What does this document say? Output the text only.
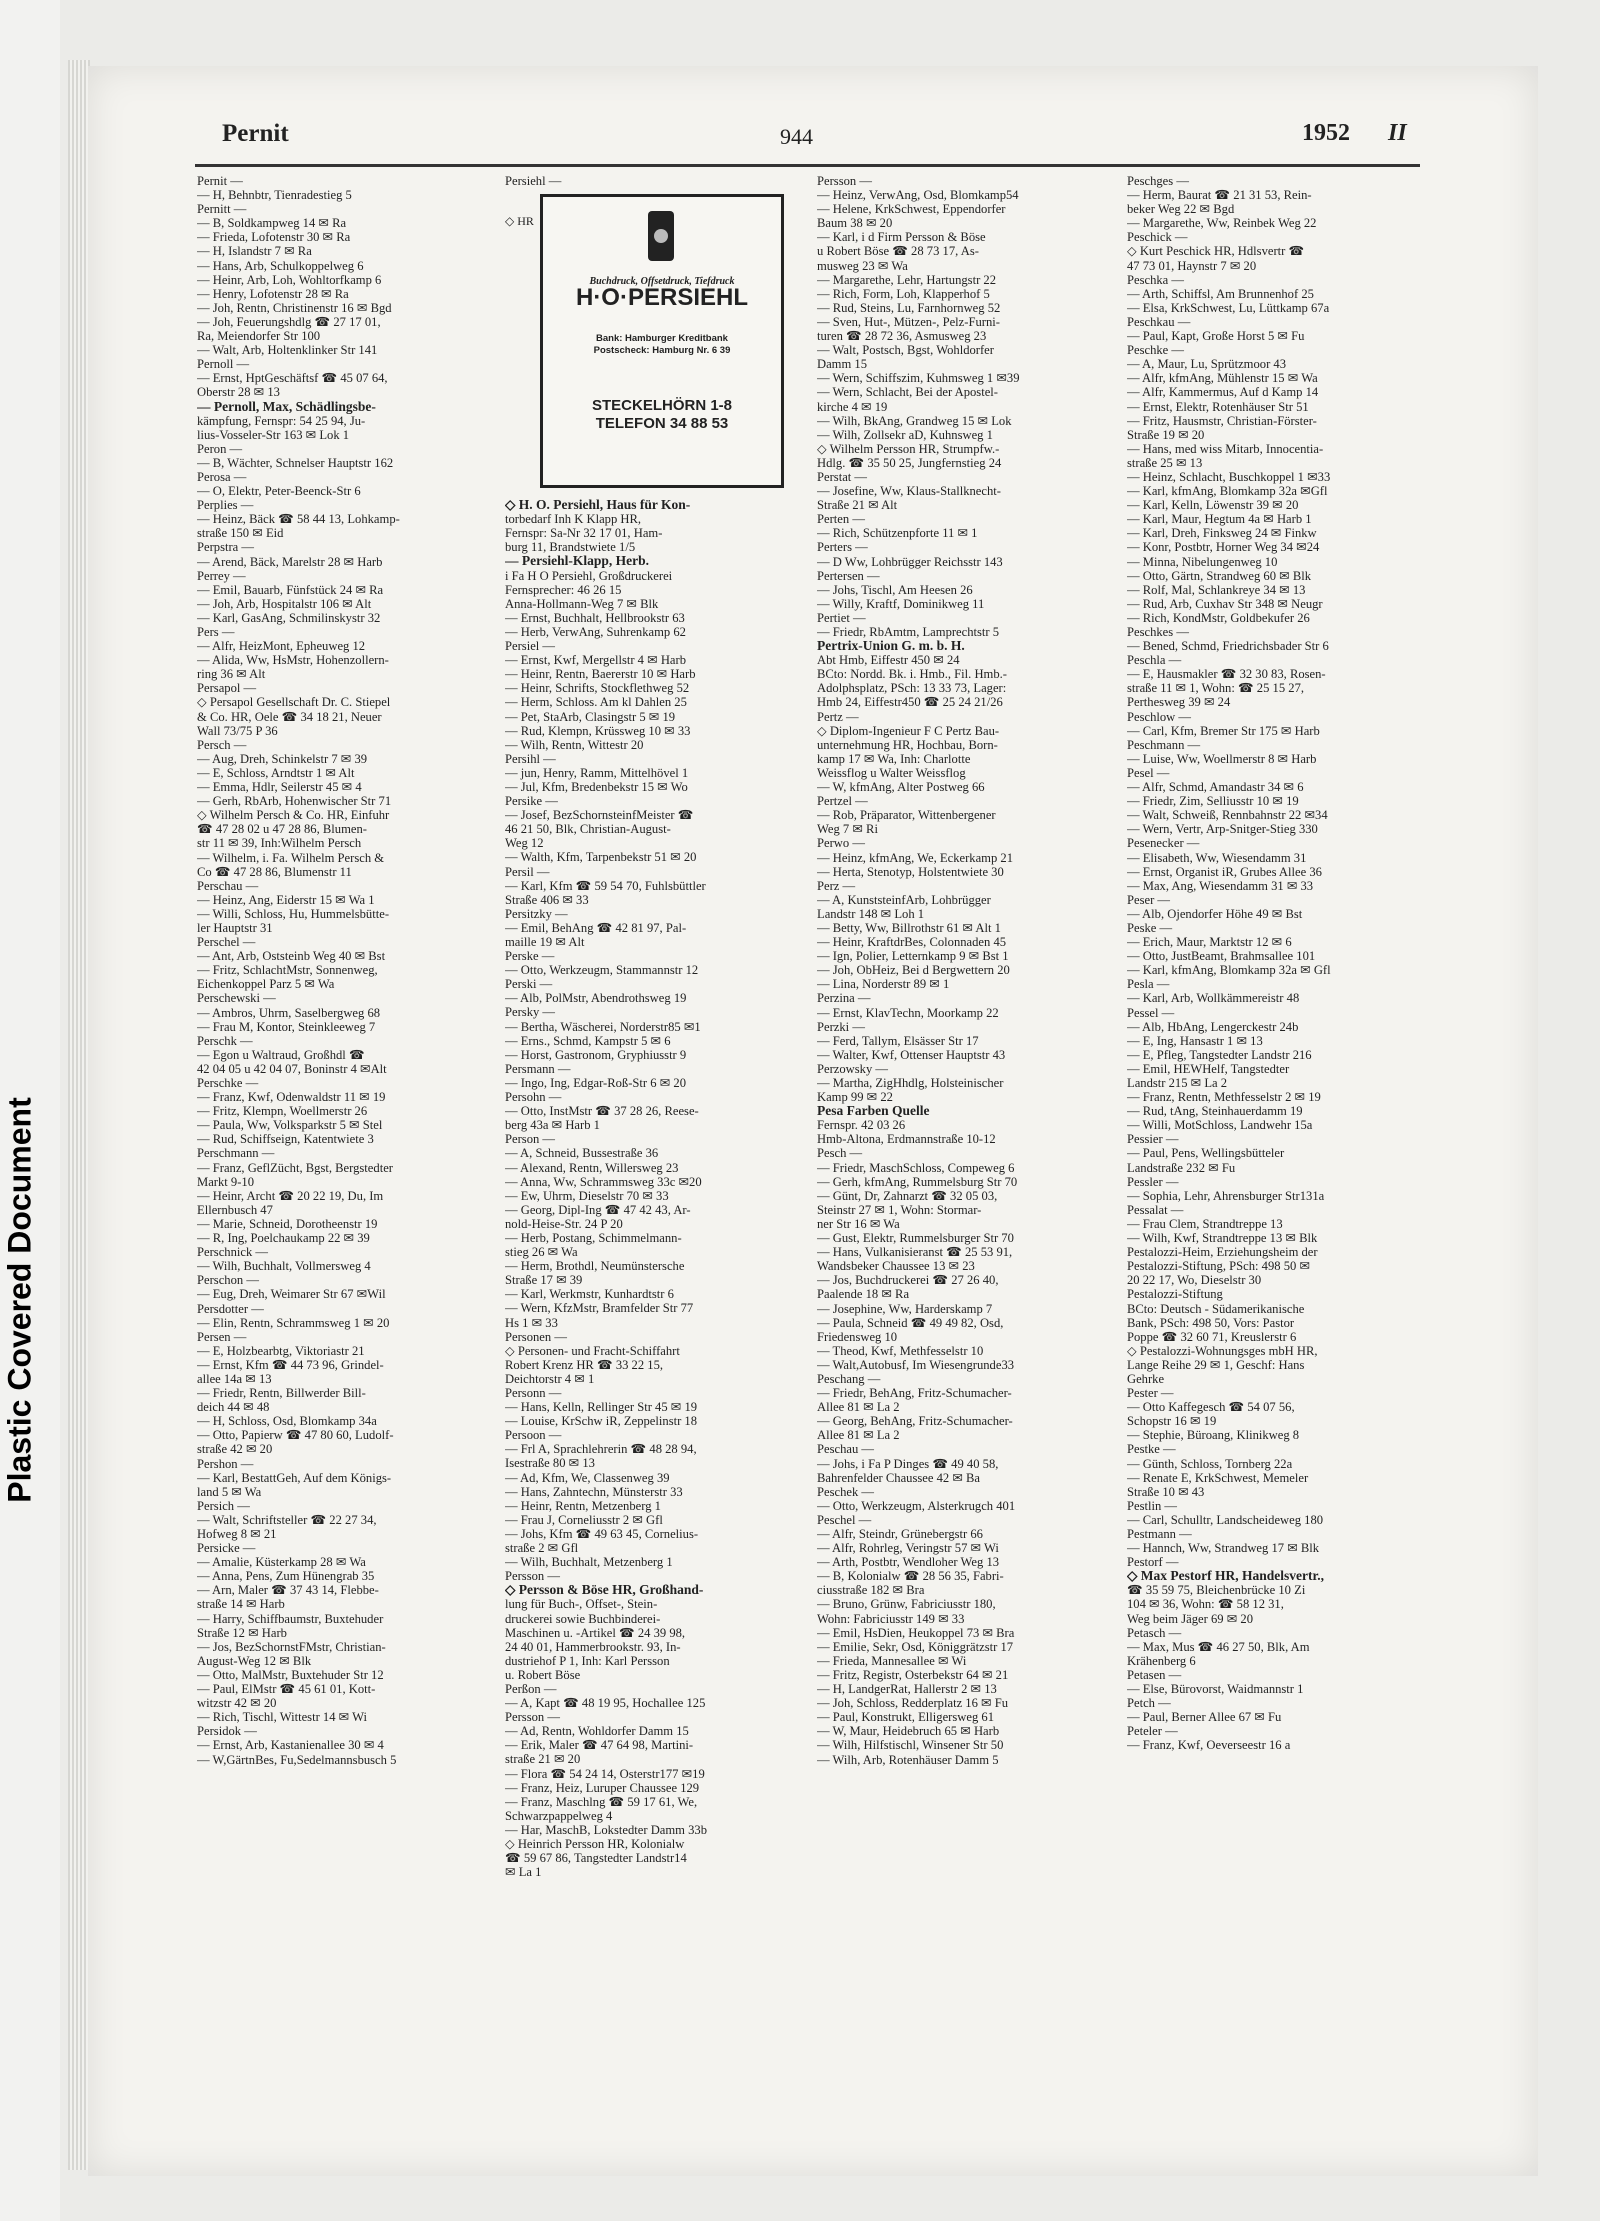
Plastic Covered Document
Pernit	944	1952 II
Pernit —
— H, Behnbtr, Tienradestieg 5
Pernitt —
— B, Soldkampweg 14 ✉ Ra
— Frieda, Lofotenstr 30 ✉ Ra
— H, Islandstr 7 ✉ Ra
— Hans, Arb, Schulkoppelweg 6
— Heinr, Arb, Loh, Wohltorfkamp 6
— Henry, Lofotenstr 28 ✉ Ra
— Joh, Rentn, Christinenstr 16 ✉ Bgd
— Joh, Feuerungshdlg ☎ 27 17 01,
Ra, Meiendorfer Str 100
— Walt, Arb, Holtenklinker Str 141
Pernoll —
— Ernst, HptGeschäftsf ☎ 45 07 64,
Oberstr 28 ✉ 13
— Pernoll, Max, Schädlingsbe-
kämpfung, Fernspr: 54 25 94, Ju-
lius-Vosseler-Str 163 ✉ Lok 1
Peron —
— B, Wächter, Schnelser Hauptstr 162
Perosa —
— O, Elektr, Peter-Beenck-Str 6
Perplies —
— Heinz, Bäck ☎ 58 44 13, Lohkamp-
straße 150 ✉ Eid
Perpstra —
— Arend, Bäck, Marelstr 28 ✉ Harb
Perrey —
— Emil, Bauarb, Fünfstück 24 ✉ Ra
— Joh, Arb, Hospitalstr 106 ✉ Alt
— Karl, GasAng, Schmilinskystr 32
Pers —
— Alfr, HeizMont, Epheuweg 12
— Alida, Ww, HsMstr, Hohenzollern-
ring 36 ✉ Alt
Persapol —
◇ Persapol Gesellschaft Dr. C. Stiepel
& Co. HR, Oele ☎ 34 18 21, Neuer
Wall 73/75 P 36
Persch —
— Aug, Dreh, Schinkelstr 7 ✉ 39
— E, Schloss, Arndtstr 1 ✉ Alt
— Emma, Hdlr, Seilerstr 45 ✉ 4
— Gerh, RbArb, Hohenwischer Str 71
◇ Wilhelm Persch & Co. HR, Einfuhr
☎ 47 28 02 u 47 28 86, Blumen-
str 11 ✉ 39, Inh:Wilhelm Persch
— Wilhelm, i. Fa. Wilhelm Persch &
Co ☎ 47 28 86, Blumenstr 11
Perschau —
— Heinz, Ang, Eiderstr 15 ✉ Wa 1
— Willi, Schloss, Hu, Hummelsbütte-
ler Hauptstr 31
Perschel —
— Ant, Arb, Oststeinb Weg 40 ✉ Bst
— Fritz, SchlachtMstr, Sonnenweg,
Eichenkoppel Parz 5 ✉ Wa
Perschewski —
— Ambros, Uhrm, Saselbergweg 68
— Frau M, Kontor, Steinkleeweg 7
Perschk —
— Egon u Waltraud, Großhdl ☎
42 04 05 u 42 04 07, Boninstr 4 ✉Alt
Perschke —
— Franz, Kwf, Odenwaldstr 11 ✉ 19
— Fritz, Klempn, Woellmerstr 26
— Paula, Ww, Volksparkstr 5 ✉ Stel
— Rud, Schiffseign, Katentwiete 3
Perschmann —
— Franz, GeflZücht, Bgst, Bergstedter
Markt 9-10
— Heinr, Archt ☎ 20 22 19, Du, Im
Ellernbusch 47
— Marie, Schneid, Dorotheenstr 19
— R, Ing, Poelchaukamp 22 ✉ 39
Perschnick —
— Wilh, Buchhalt, Vollmersweg 4
Perschon —
— Eug, Dreh, Weimarer Str 67 ✉Wil
Persdotter —
— Elin, Rentn, Schrammsweg 1 ✉ 20
Persen —
— E, Holzbearbtg, Viktoriastr 21
— Ernst, Kfm ☎ 44 73 96, Grindel-
allee 14a ✉ 13
— Friedr, Rentn, Billwerder Bill-
deich 44 ✉ 48
— H, Schloss, Osd, Blomkamp 34a
— Otto, Papierw ☎ 47 80 60, Ludolf-
straße 42 ✉ 20
Pershon —
— Karl, BestattGeh, Auf dem Königs-
land 5 ✉ Wa
Persich —
— Walt, Schriftsteller ☎ 22 27 34,
Hofweg 8 ✉ 21
Persicke —
— Amalie, Küsterkamp 28 ✉ Wa
— Anna, Pens, Zum Hünengrab 35
— Arn, Maler ☎ 37 43 14, Flebbe-
straße 14 ✉ Harb
— Harry, Schiffbaumstr, Buxtehuder
Straße 12 ✉ Harb
— Jos, BezSchornstFMstr, Christian-
August-Weg 12 ✉ Blk
— Otto, MalMstr, Buxtehuder Str 12
— Paul, ElMstr ☎ 45 61 01, Kott-
witzstr 42 ✉ 20
— Rich, Tischl, Wittestr 14 ✉ Wi
Persidok —
— Ernst, Arb, Kastanienallee 30 ✉ 4
— W,GärtnBes, Fu,Sedelmannsbusch 5
Persiehl —
◇ HR
Buchdruck, Offsetdruck, Tiefdruck
H·O·PERSIEHL
Bank: Hamburger Kreditbank
Postscheck: Hamburg Nr. 6 39
STECKELHÖRN 1-8
TELEFON 34 88 53
◇ H. O. Persiehl, Haus für Kon-
torbedarf Inh K Klapp HR,
Fernspr: Sa-Nr 32 17 01, Ham-
burg 11, Brandstwiete 1/5
— Persiehl-Klapp, Herb.
i Fa H O Persiehl, Großdruckerei
Fernsprecher: 46 26 15
Anna-Hollmann-Weg 7 ✉ Blk
— Ernst, Buchhalt, Hellbrookstr 63
— Herb, VerwAng, Suhrenkamp 62
Persiel —
— Ernst, Kwf, Mergellstr 4 ✉ Harb
— Heinr, Rentn, Baererstr 10 ✉ Harb
— Heinr, Schrifts, Stockflethweg 52
— Herm, Schloss. Am kl Dahlen 25
— Pet, StaArb, Clasingstr 5 ✉ 19
— Rud, Klempn, Krüssweg 10 ✉ 33
— Wilh, Rentn, Wittestr 20
Persihl —
— jun, Henry, Ramm, Mittelhövel 1
— Jul, Kfm, Bredenbekstr 15 ✉ Wo
Persike —
— Josef, BezSchornsteinfMeister ☎
46 21 50, Blk, Christian-August-
Weg 12
— Walth, Kfm, Tarpenbekstr 51 ✉ 20
Persil —
— Karl, Kfm ☎ 59 54 70, Fuhlsbüttler
Straße 406 ✉ 33
Persitzky —
— Emil, BehAng ☎ 42 81 97, Pal-
maille 19 ✉ Alt
Perske —
— Otto, Werkzeugm, Stammannstr 12
Perski —
— Alb, PolMstr, Abendrothsweg 19
Persky —
— Bertha, Wäscherei, Norderstr85 ✉1
— Erns., Schmd, Kampstr 5 ✉ 6
— Horst, Gastronom, Gryphiusstr 9
Persmann —
— Ingo, Ing, Edgar-Roß-Str 6 ✉ 20
Persohn —
— Otto, InstMstr ☎ 37 28 26, Reese-
berg 43a ✉ Harb 1
Person —
— A, Schneid, Bussestraße 36
— Alexand, Rentn, Willersweg 23
— Anna, Ww, Schrammsweg 33c ✉20
— Ew, Uhrm, Dieselstr 70 ✉ 33
— Georg, Dipl-Ing ☎ 47 42 43, Ar-
nold-Heise-Str. 24 P 20
— Herb, Postang, Schimmelmann-
stieg 26 ✉ Wa
— Herm, Brothdl, Neumünstersche
Straße 17 ✉ 39
— Karl, Werkmstr, Kunhardtstr 6
— Wern, KfzMstr, Bramfelder Str 77
Hs 1 ✉ 33
Personen —
◇ Personen- und Fracht-Schiffahrt
Robert Krenz HR ☎ 33 22 15,
Deichtorstr 4 ✉ 1
Personn —
— Hans, Kelln, Rellinger Str 45 ✉ 19
— Louise, KrSchw iR, Zeppelinstr 18
Persoon —
— Frl A, Sprachlehrerin ☎ 48 28 94,
Isestraße 80 ✉ 13
— Ad, Kfm, We, Classenweg 39
— Hans, Zahntechn, Münsterstr 33
— Heinr, Rentn, Metzenberg 1
— Frau J, Corneliusstr 2 ✉ Gfl
— Johs, Kfm ☎ 49 63 45, Cornelius-
straße 2 ✉ Gfl
— Wilh, Buchhalt, Metzenberg 1
Persson —
◇ Persson & Böse HR, Großhand-
lung für Buch-, Offset-, Stein-
druckerei sowie Buchbinderei-
Maschinen u. -Artikel ☎ 24 39 98,
24 40 01, Hammerbrookstr. 93, In-
dustriehof P 1, Inh: Karl Persson
u. Robert Böse
Perßon —
— A, Kapt ☎ 48 19 95, Hochallee 125
Persson —
— Ad, Rentn, Wohldorfer Damm 15
— Erik, Maler ☎ 47 64 98, Martini-
straße 21 ✉ 20
— Flora ☎ 54 24 14, Osterstr177 ✉19
— Franz, Heiz, Luruper Chaussee 129
— Franz, Maschlng ☎ 59 17 61, We,
Schwarzpappelweg 4
— Har, MaschB, Lokstedter Damm 33b
◇ Heinrich Persson HR, Kolonialw
☎ 59 67 86, Tangstedter Landstr14
✉ La 1
Persson —
— Heinz, VerwAng, Osd, Blomkamp54
— Helene, KrkSchwest, Eppendorfer
Baum 38 ✉ 20
— Karl, i d Firm Persson & Böse
u Robert Böse ☎ 28 73 17, As-
musweg 23 ✉ Wa
— Margarethe, Lehr, Hartungstr 22
— Rich, Form, Loh, Klapperhof 5
— Rud, Steins, Lu, Farnhornweg 52
— Sven, Hut-, Mützen-, Pelz-Furni-
turen ☎ 28 72 36, Asmusweg 23
— Walt, Postsch, Bgst, Wohldorfer
Damm 15
— Wern, Schiffszim, Kuhmsweg 1 ✉39
— Wern, Schlacht, Bei der Apostel-
kirche 4 ✉ 19
— Wilh, BkAng, Grandweg 15 ✉ Lok
— Wilh, Zollsekr aD, Kuhnsweg 1
◇ Wilhelm Persson HR, Strumpfw.-
Hdlg. ☎ 35 50 25, Jungfernstieg 24
Perstat —
— Josefine, Ww, Klaus-Stallknecht-
Straße 21 ✉ Alt
Perten —
— Rich, Schützenpforte 11 ✉ 1
Perters —
— D Ww, Lohbrügger Reichsstr 143
Pertersen —
— Johs, Tischl, Am Heesen 26
— Willy, Kraftf, Dominikweg 11
Pertiet —
— Friedr, RbAmtm, Lamprechtstr 5
Pertrix-Union G. m. b. H.
Abt Hmb, Eiffestr 450 ✉ 24
BCto: Nordd. Bk. i. Hmb., Fil. Hmb.-
Adolphsplatz, PSch: 13 33 73, Lager:
Hmb 24, Eiffestr450 ☎ 25 24 21/26
Pertz —
◇ Diplom-Ingenieur F C Pertz Bau-
unternehmung HR, Hochbau, Born-
kamp 17 ✉ Wa, Inh: Charlotte
Weissflog u Walter Weissflog
— W, kfmAng, Alter Postweg 66
Pertzel —
— Rob, Präparator, Wittenbergener
Weg 7 ✉ Ri
Perwo —
— Heinz, kfmAng, We, Eckerkamp 21
— Herta, Stenotyp, Holstentwiete 30
Perz —
— A, KunststeinfArb, Lohbrügger
Landstr 148 ✉ Loh 1
— Betty, Ww, Billrothstr 61 ✉ Alt 1
— Heinr, KraftdrBes, Colonnaden 45
— Ign, Polier, Letternkamp 9 ✉ Bst 1
— Joh, ObHeiz, Bei d Bergwettern 20
— Lina, Norderstr 89 ✉ 1
Perzina —
— Ernst, KlavTechn, Moorkamp 22
Perzki —
— Ferd, Tallym, Elsässer Str 17
— Walter, Kwf, Ottenser Hauptstr 43
Perzowsky —
— Martha, ZigHhdlg, Holsteinischer
Kamp 99 ✉ 22
Pesa Farben Quelle
Fernspr. 42 03 26
Hmb-Altona, Erdmannstraße 10-12
Pesch —
— Friedr, MaschSchloss, Compeweg 6
— Gerh, kfmAng, Rummelsburg Str 70
— Günt, Dr, Zahnarzt ☎ 32 05 03,
Steinstr 27 ✉ 1, Wohn: Stormar-
ner Str 16 ✉ Wa
— Gust, Elektr, Rummelsburger Str 70
— Hans, Vulkanisieranst ☎ 25 53 91,
Wandsbeker Chaussee 13 ✉ 23
— Jos, Buchdruckerei ☎ 27 26 40,
Paalende 18 ✉ Ra
— Josephine, Ww, Harderskamp 7
— Paula, Schneid ☎ 49 49 82, Osd,
Friedensweg 10
— Theod, Kwf, Methfesselstr 10
— Walt,Autobusf, Im Wiesengrunde33
Peschang —
— Friedr, BehAng, Fritz-Schumacher-
Allee 81 ✉ La 2
— Georg, BehAng, Fritz-Schumacher-
Allee 81 ✉ La 2
Peschau —
— Johs, i Fa P Dinges ☎ 49 40 58,
Bahrenfelder Chaussee 42 ✉ Ba
Peschek —
— Otto, Werkzeugm, Alsterkrugch 401
Peschel —
— Alfr, Steindr, Grünebergstr 66
— Alfr, Rohrleg, Veringstr 57 ✉ Wi
— Arth, Postbtr, Wendloher Weg 13
— B, Kolonialw ☎ 28 56 35, Fabri-
ciusstraße 182 ✉ Bra
— Bruno, Grünw, Fabriciusstr 180,
Wohn: Fabriciusstr 149 ✉ 33
— Emil, HsDien, Heukoppel 73 ✉ Bra
— Emilie, Sekr, Osd, Königgrätzstr 17
— Frieda, Mannesallee ✉ Wi
— Fritz, Registr, Osterbekstr 64 ✉ 21
— H, LandgerRat, Hallerstr 2 ✉ 13
— Joh, Schloss, Redderplatz 16 ✉ Fu
— Paul, Konstrukt, Elligersweg 61
— W, Maur, Heidebruch 65 ✉ Harb
— Wilh, Hilfstischl, Winsener Str 50
— Wilh, Arb, Rotenhäuser Damm 5
Peschges —
— Herm, Baurat ☎ 21 31 53, Rein-
beker Weg 22 ✉ Bgd
— Margarethe, Ww, Reinbek Weg 22
Peschick —
◇ Kurt Peschick HR, Hdlsvertr ☎
47 73 01, Haynstr 7 ✉ 20
Peschka —
— Arth, Schiffsl, Am Brunnenhof 25
— Elsa, KrkSchwest, Lu, Lüttkamp 67a
Peschkau —
— Paul, Kapt, Große Horst 5 ✉ Fu
Peschke —
— A, Maur, Lu, Sprützmoor 43
— Alfr, kfmAng, Mühlenstr 15 ✉ Wa
— Alfr, Kammermus, Auf d Kamp 14
— Ernst, Elektr, Rotenhäuser Str 51
— Fritz, Hausmstr, Christian-Förster-
Straße 19 ✉ 20
— Hans, med wiss Mitarb, Innocentia-
straße 25 ✉ 13
— Heinz, Schlacht, Buschkoppel 1 ✉33
— Karl, kfmAng, Blomkamp 32a ✉Gfl
— Karl, Kelln, Löwenstr 39 ✉ 20
— Karl, Maur, Hegtum 4a ✉ Harb 1
— Karl, Dreh, Finksweg 24 ✉ Finkw
— Konr, Postbtr, Horner Weg 34 ✉24
— Minna, Nibelungenweg 10
— Otto, Gärtn, Strandweg 60 ✉ Blk
— Rolf, Mal, Schlankreye 34 ✉ 13
— Rud, Arb, Cuxhav Str 348 ✉ Neugr
— Rich, KondMstr, Goldbekufer 26
Peschkes —
— Bened, Schmd, Friedrichsbader Str 6
Peschla —
— E, Hausmakler ☎ 32 30 83, Rosen-
straße 11 ✉ 1, Wohn: ☎ 25 15 27,
Perthesweg 39 ✉ 24
Peschlow —
— Carl, Kfm, Bremer Str 175 ✉ Harb
Peschmann —
— Luise, Ww, Woellmerstr 8 ✉ Harb
Pesel —
— Alfr, Schmd, Amandastr 34 ✉ 6
— Friedr, Zim, Selliusstr 10 ✉ 19
— Walt, Schweiß, Rennbahnstr 22 ✉34
— Wern, Vertr, Arp-Snitger-Stieg 330
Pesenecker —
— Elisabeth, Ww, Wiesendamm 31
— Ernst, Organist iR, Grubes Allee 36
— Max, Ang, Wiesendamm 31 ✉ 33
Peser —
— Alb, Ojendorfer Höhe 49 ✉ Bst
Peske —
— Erich, Maur, Marktstr 12 ✉ 6
— Otto, JustBeamt, Brahmsallee 101
— Karl, kfmAng, Blomkamp 32a ✉ Gfl
Pesla —
— Karl, Arb, Wollkämmereistr 48
Pessel —
— Alb, HbAng, Lengerckestr 24b
— E, Ing, Hansastr 1 ✉ 13
— E, Pfleg, Tangstedter Landstr 216
— Emil, HEWHelf, Tangstedter
Landstr 215 ✉ La 2
— Franz, Rentn, Methfesselstr 2 ✉ 19
— Rud, tAng, Steinhauerdamm 19
— Willi, MotSchloss, Landwehr 15a
Pessier —
— Paul, Pens, Wellingsbütteler
Landstraße 232 ✉ Fu
Pessler —
— Sophia, Lehr, Ahrensburger Str131a
Pessalat —
— Frau Clem, Strandtreppe 13
— Wilh, Kwf, Strandtreppe 13 ✉ Blk
Pestalozzi-Heim, Erziehungsheim der
Pestalozzi-Stiftung, PSch: 498 50 ✉
20 22 17, Wo, Dieselstr 30
Pestalozzi-Stiftung
BCto: Deutsch - Südamerikanische
Bank, PSch: 498 50, Vors: Pastor
Poppe ☎ 32 60 71, Kreuslerstr 6
◇ Pestalozzi-Wohnungsges mbH HR,
Lange Reihe 29 ✉ 1, Geschf: Hans
Gehrke
Pester —
— Otto Kaffegesch ☎ 54 07 56,
Schopstr 16 ✉ 19
— Stephie, Büroang, Klinikweg 8
Pestke —
— Günth, Schloss, Tornberg 22a
— Renate E, KrkSchwest, Memeler
Straße 10 ✉ 43
Pestlin —
— Carl, Schulltr, Landscheideweg 180
Pestmann —
— Hannch, Ww, Strandweg 17 ✉ Blk
Pestorf —
◇ Max Pestorf HR, Handelsvertr.,
☎ 35 59 75, Bleichenbrücke 10 Zi
104 ✉ 36, Wohn: ☎ 58 12 31,
Weg beim Jäger 69 ✉ 20
Petasch —
— Max, Mus ☎ 46 27 50, Blk, Am
Krähenberg 6
Petasen —
— Else, Bürovorst, Waidmannstr 1
Petch —
— Paul, Berner Allee 67 ✉ Fu
Peteler —
— Franz, Kwf, Oeverseestr 16 a
